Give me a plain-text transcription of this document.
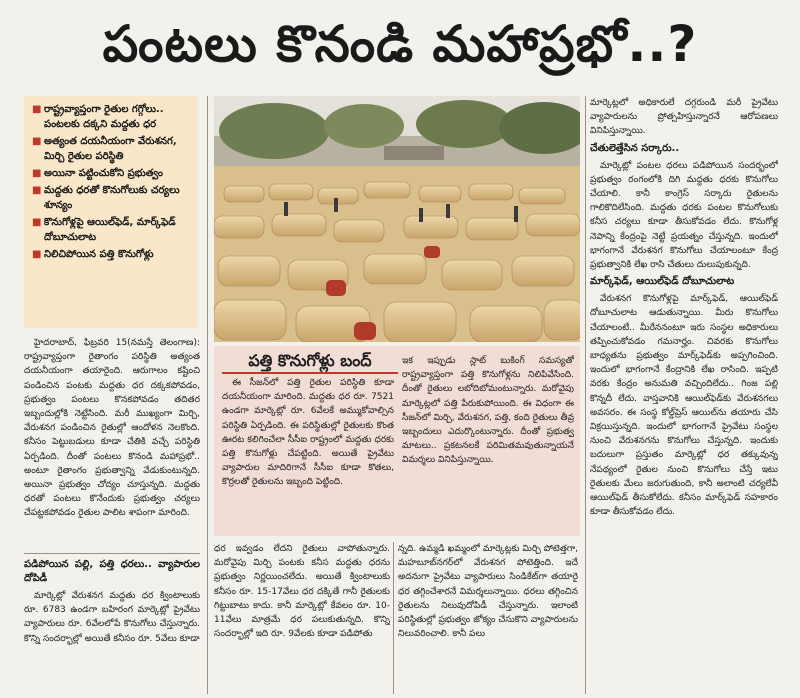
పంటలు కొనండి మహాప్రభో..?
■ రాష్ట్రవ్యాప్తంగా రైతుల గగ్గోలు.. పంటలకు దక్కని మద్దతు ధర
■ అత్యంత దయనీయంగా వేరుశనగ, మిర్చి రైతుల పరిస్థితి
■ అయినా పట్టించుకోని ప్రభుత్వం
■ మద్దతు ధరతో కొనుగోలుకు చర్యలు శూన్యం
■ కొనుగోళ్లపై ఆయిల్‌ఫెడ్‌, మార్క్‌ఫెడ్‌ దోబూచులాట
■ నిలిచిపోయిన పత్తి కొనుగోళ్లు

హైదరాబాద్‌, ఫిబ్రవరి 15(నమస్తే తెలంగాణ): రాష్ట్రవ్యాప్తంగా రైతాంగం పరిస్థితి అత్యంత దయనీయంగా తయారైంది. ఆరుగాలం కష్టించి పండించిన పంటకు మద్దతు ధర దక్కకపోవడం, ప్రభుత్వం పంటలు కొనకపోవడం తదితర ఇబ్బందుల్లోకి నెట్టేసింది. మరీ ముఖ్యంగా మిర్చి, వేరుశనగ పండించిన రైతుల్లో ఆందోళన నెలకొంది. కనీసం పెట్టుబడులు కూడా చేతికి వచ్చే పరిస్థితి ఏర్పడింది. దీంతో పంటలు కొనండి మహాప్రభో.. అంటూ రైతాంగం ప్రభుత్వాన్ని వేడుకుంటున్నది. అయినా ప్రభుత్వం చోద్యం చూస్తున్నది. మద్దతు ధరతో పంటలు కొనేందుకు ప్రభుత్వం చర్యలు చేపట్టకపోవడం రైతుల పాలిట శాపంగా మారింది.

పడిపోయిన పల్లి, పత్తి ధరలు.. వ్యాపారుల దోపిడీ

మార్కెట్లో వేరుశనగ మద్దతు ధర క్వింటాలుకు రూ. 6783 ఉండగా బహిరంగ మార్కెట్లో ప్రైవేటు వ్యాపారులు రూ. 6వేలలోపే కొనుగోలు చేస్తున్నారు. కొన్ని సందర్భాల్లో అయితే కనీసం రూ. 5వేలు కూడా

పత్తి కొనుగోళ్లు బంద్‌

ఈ సీజన్‌లో పత్తి రైతుల పరిస్థితి కూడా దయనీయంగా మారింది. మద్దతు ధర రూ. 7521 ఉండగా మార్కెట్లో రూ. 6వేలకే అమ్ముకోవాల్సిన పరిస్థితి ఏర్పడింది. ఈ పరిస్థితుల్లో రైతులకు కొంత ఊరట కలిగించేలా సీసీఐ రాష్ట్రంలో మద్దతు ధరకు పత్తి కొనుగోళ్లు చేపట్టింది. అయితే ప్రైవేటు వ్యాపారుల మాదిరిగానే సీసీఐ కూడా కొతలు, కొర్రలతో రైతులను ఇబ్బంది పెట్టింది.

ఇక ఇప్పుడు స్లాట్‌ బుకింగ్‌ సమస్యతో రాష్ట్రవ్యాప్తంగా పత్తి కొనుగోళ్లను నిలిపివేసింది. దీంతో రైతులు లబోదిబోమంటున్నారు. మరోవైపు మార్కెట్లలో పత్తి పేరుకుపోయింది. ఈ విధంగా ఈ సీజన్‌లో మిర్చి, వేరుశనగ, పత్తి, కంది రైతులు తీవ్ర ఇబ్బందులు ఎదుర్కొంటున్నారు. దీంతో ప్రభుత్వ మాటలు.. ప్రకటనలకే పరిమితమవుతున్నాయనే విమర్శలు వినిపిస్తున్నాయి.

ధర ఇవ్వడం లేదని రైతులు వాపోతున్నారు. మరోవైపు మిర్చి పంటకు కనీస మద్దతు ధరను ప్రభుత్వం నిర్ణయించలేదు. అయితే క్వింటాలుకు కనీసం రూ. 15-17వేలు ధర దక్కితే గానీ రైతులకు గిట్టుబాటు కాదు. కానీ మార్కెట్లో కేవలం రూ. 10-11వేలు మాత్రమే ధర పలుకుతున్నది. కొన్ని సందర్భాల్లో ఇది రూ. 9వేలకు కూడా పడిపోతు

న్నది. ఉమ్మడి ఖమ్మంలో మార్కెట్లకు మిర్చి పోటెత్తగా, మహబూబ్‌నగర్‌లో వేరుశనగ పోటెత్తింది. ఇదే అదనుగా ప్రైవేటు వ్యాపారులు సిండికేట్‌గా తయారై ధర తగ్గించేశారనే విమర్శలున్నాయి. ధరలు తగ్గించిన రైతులను నిలువుదోపిడీ చేస్తున్నారు. ఇలాంటి పరిస్థితుల్లో ప్రభుత్వం జోక్యం చేసుకొని వ్యాపారులను నిలువరించాలి. కానీ పలు

మార్కెట్లలో అధికారులే దగ్గరుండి మరీ ప్రైవేటు వ్యాపారులను ప్రోత్సహిస్తున్నారనే ఆరోపణలు వినిపిస్తున్నాయి.

చేతులెత్తేసిన సర్కారు..

మార్కెట్లో పంటల ధరలు పడిపోయిన సందర్భంలో ప్రభుత్వం రంగంలోకి దిగి మద్దతు ధరకు కొనుగోలు చేయాలి. కానీ కాంగ్రెస్‌ సర్కారు రైతులను గాలికొదిలేసింది. మద్దతు ధరకు పంటల కొనుగోలుకు కనీస చర్యలు కూడా తీసుకోవడం లేదు. కొనుగోళ్ల నెపాన్ని కేంద్రంపై నెట్టే ప్రయత్నం చేస్తున్నది. ఇందులో భాగంగానే వేరుశనగ కొనుగోలు చేయాలంటూ కేంద్ర ప్రభుత్వానికి లేఖ రాసి చేతులు దులుపుకున్నది.

మార్క్‌ఫెడ్‌, ఆయిల్‌ఫెడ్‌ దోబూచులాట

వేరుశనగ కొనుగోళ్లపై మార్క్‌ఫెడ్‌, ఆయిల్‌ఫెడ్‌ దోబూచులాట ఆడుతున్నాయి. మీరు కొనుగోలు చేయాలంటే.. మీరేననంటూ ఇరు సంస్థల అధికారులు తప్పించుకోవడం గమనార్హం. చివరకు కొనుగోలు బాధ్యతను ప్రభుత్వం మార్క్‌ఫెడ్‌కు అప్పగించింది. ఇందులో భాగంగానే కేంద్రానికి లేఖ రాసింది. ఇప్పటి వరకు కేంద్రం అనుమతి వచ్చిందిలేదు.. గింజ పల్లి కొన్నదీ లేదు. వాస్తవానికి ఆయిల్‌ఫెడ్‌కు వేరుశనగలు అవసరం. ఈ సంస్థ కోల్డ్‌ప్రెస్‌ ఆయిల్‌ను తయారు చేసి విక్రయిస్తున్నది. ఇందులో భాగంగానే ప్రైవేటు సంస్థల నుంచి వేరుశనగను కొనుగోలు చేస్తున్నది. ఇందుకు బదులుగా ప్రస్తుతం మార్కెట్లో ధర తక్కువున్న నేపథ్యంలో రైతుల నుంచి కొనుగోలు చేస్తే ఇటు రైతులకు మేలు జరుగుతుంది, కానీ అలాంటి చర్యలేవీ ఆయిల్‌ఫెడ్‌ తీసుకోలేదు. కనీసం మార్క్‌ఫెడ్‌ సహకారం కూడా తీసుకోవడం లేదు.
